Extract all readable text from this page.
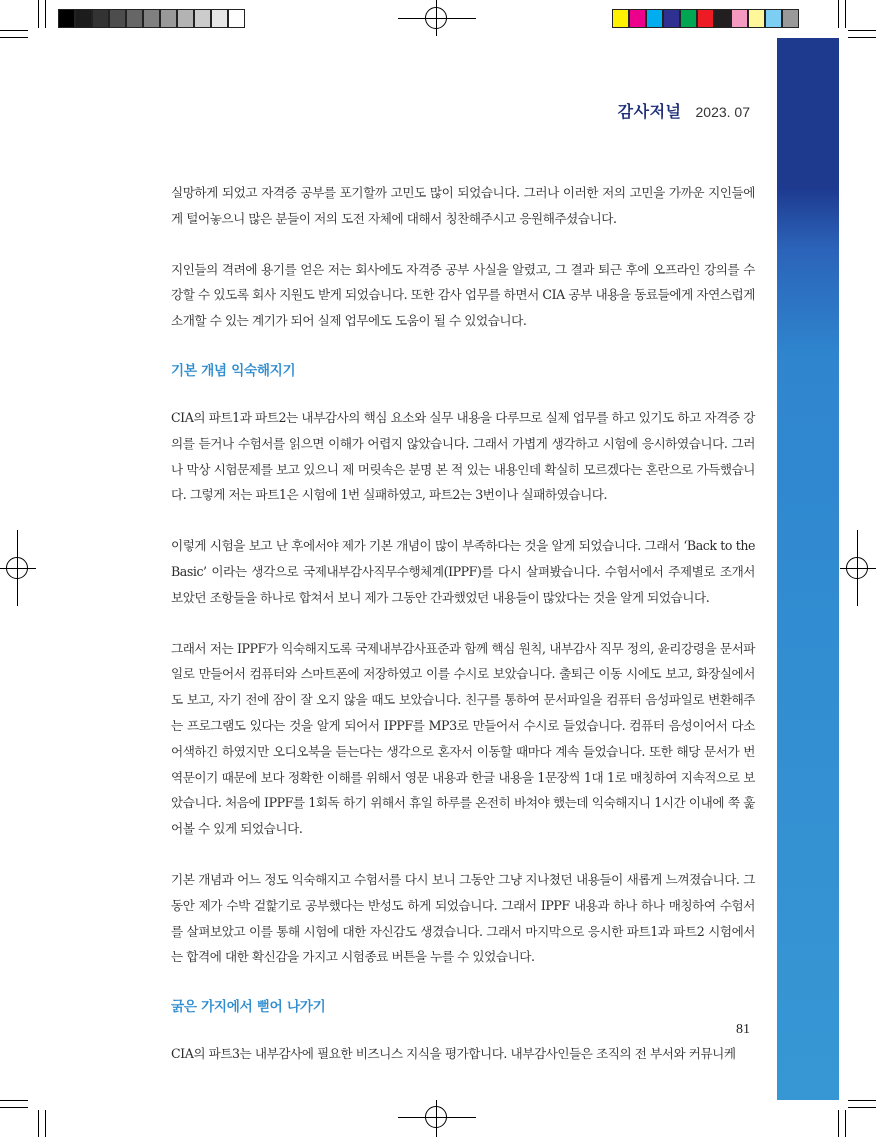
감사저널 2023. 07

실망하게 되었고 자격증 공부를 포기할까 고민도 많이 되었습니다. 그러나 이러한 저의 고민을 가까운 지인들에게 털어놓으니 많은 분들이 저의 도전 자체에 대해서 칭찬해주시고 응원해주셨습니다.

지인들의 격려에 용기를 얻은 저는 회사에도 자격증 공부 사실을 알렸고, 그 결과 퇴근 후에 오프라인 강의를 수강할 수 있도록 회사 지원도 받게 되었습니다. 또한 감사 업무를 하면서 CIA 공부 내용을 동료들에게 자연스럽게 소개할 수 있는 계기가 되어 실제 업무에도 도움이 될 수 있었습니다.

기본 개념 익숙해지기

CIA의 파트1과 파트2는 내부감사의 핵심 요소와 실무 내용을 다루므로 실제 업무를 하고 있기도 하고 자격증 강의를 듣거나 수험서를 읽으면 이해가 어렵지 않았습니다. 그래서 가볍게 생각하고 시험에 응시하였습니다. 그러나 막상 시험문제를 보고 있으니 제 머릿속은 분명 본 적 있는 내용인데 확실히 모르겠다는 혼란으로 가득했습니다. 그렇게 저는 파트1은 시험에 1번 실패하였고, 파트2는 3번이나 실패하였습니다.

이렇게 시험을 보고 난 후에서야 제가 기본 개념이 많이 부족하다는 것을 알게 되었습니다. 그래서 ‘Back to the Basic’ 이라는 생각으로 국제내부감사직무수행체계(IPPF)를 다시 살펴봤습니다. 수험서에서 주제별로 조개서 보았던 조항들을 하나로 합쳐서 보니 제가 그동안 간과했었던 내용들이 많았다는 것을 알게 되었습니다.

그래서 저는 IPPF가 익숙해지도록 국제내부감사표준과 함께 핵심 원칙, 내부감사 직무 정의, 윤리강령을 문서파일로 만들어서 컴퓨터와 스마트폰에 저장하였고 이를 수시로 보았습니다. 출퇴근 이동 시에도 보고, 화장실에서도 보고, 자기 전에 잠이 잘 오지 않을 때도 보았습니다. 친구를 통하여 문서파일을 컴퓨터 음성파일로 변환해주는 프로그램도 있다는 것을 알게 되어서 IPPF를 MP3로 만들어서 수시로 들었습니다. 컴퓨터 음성이어서 다소 어색하긴 하였지만 오디오북을 듣는다는 생각으로 혼자서 이동할 때마다 계속 들었습니다. 또한 해당 문서가 번역문이기 때문에 보다 정확한 이해를 위해서 영문 내용과 한글 내용을 1문장씩 1대 1로 매칭하여 지속적으로 보았습니다. 처음에 IPPF를 1회독 하기 위해서 휴일 하루를 온전히 바쳐야 했는데 익숙해지니 1시간 이내에 쭉 훑어볼 수 있게 되었습니다.

기본 개념과 어느 정도 익숙해지고 수험서를 다시 보니 그동안 그냥 지나쳤던 내용들이 새롭게 느껴졌습니다. 그동안 제가 수박 겉핥기로 공부했다는 반성도 하게 되었습니다. 그래서 IPPF 내용과 하나 하나 매칭하여 수험서를 살펴보았고 이를 통해 시험에 대한 자신감도 생겼습니다. 그래서 마지막으로 응시한 파트1과 파트2 시험에서는 합격에 대한 확신감을 가지고 시험종료 버튼을 누를 수 있었습니다.

굵은 가지에서 뻗어 나가기

CIA의 파트3는 내부감사에 필요한 비즈니스 지식을 평가합니다. 내부감사인들은 조직의 전 부서와 커뮤니케

81
